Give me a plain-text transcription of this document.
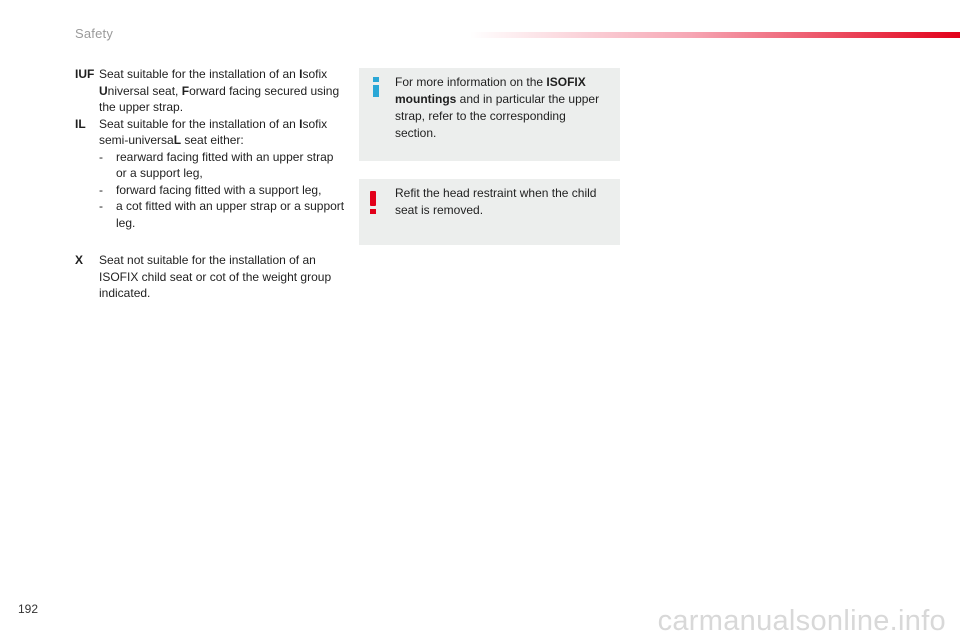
Safety
IUF Seat suitable for the installation of an Isofix Universal seat, Forward facing secured using the upper strap.
IL Seat suitable for the installation of an Isofix semi-universaL seat either:
- rearward facing fitted with an upper strap or a support leg,
- forward facing fitted with a support leg,
- a cot fitted with an upper strap or a support leg.
X Seat not suitable for the installation of an ISOFIX child seat or cot of the weight group indicated.
For more information on the ISOFIX mountings and in particular the upper strap, refer to the corresponding section.
Refit the head restraint when the child seat is removed.
192	carmanualsonline.info
